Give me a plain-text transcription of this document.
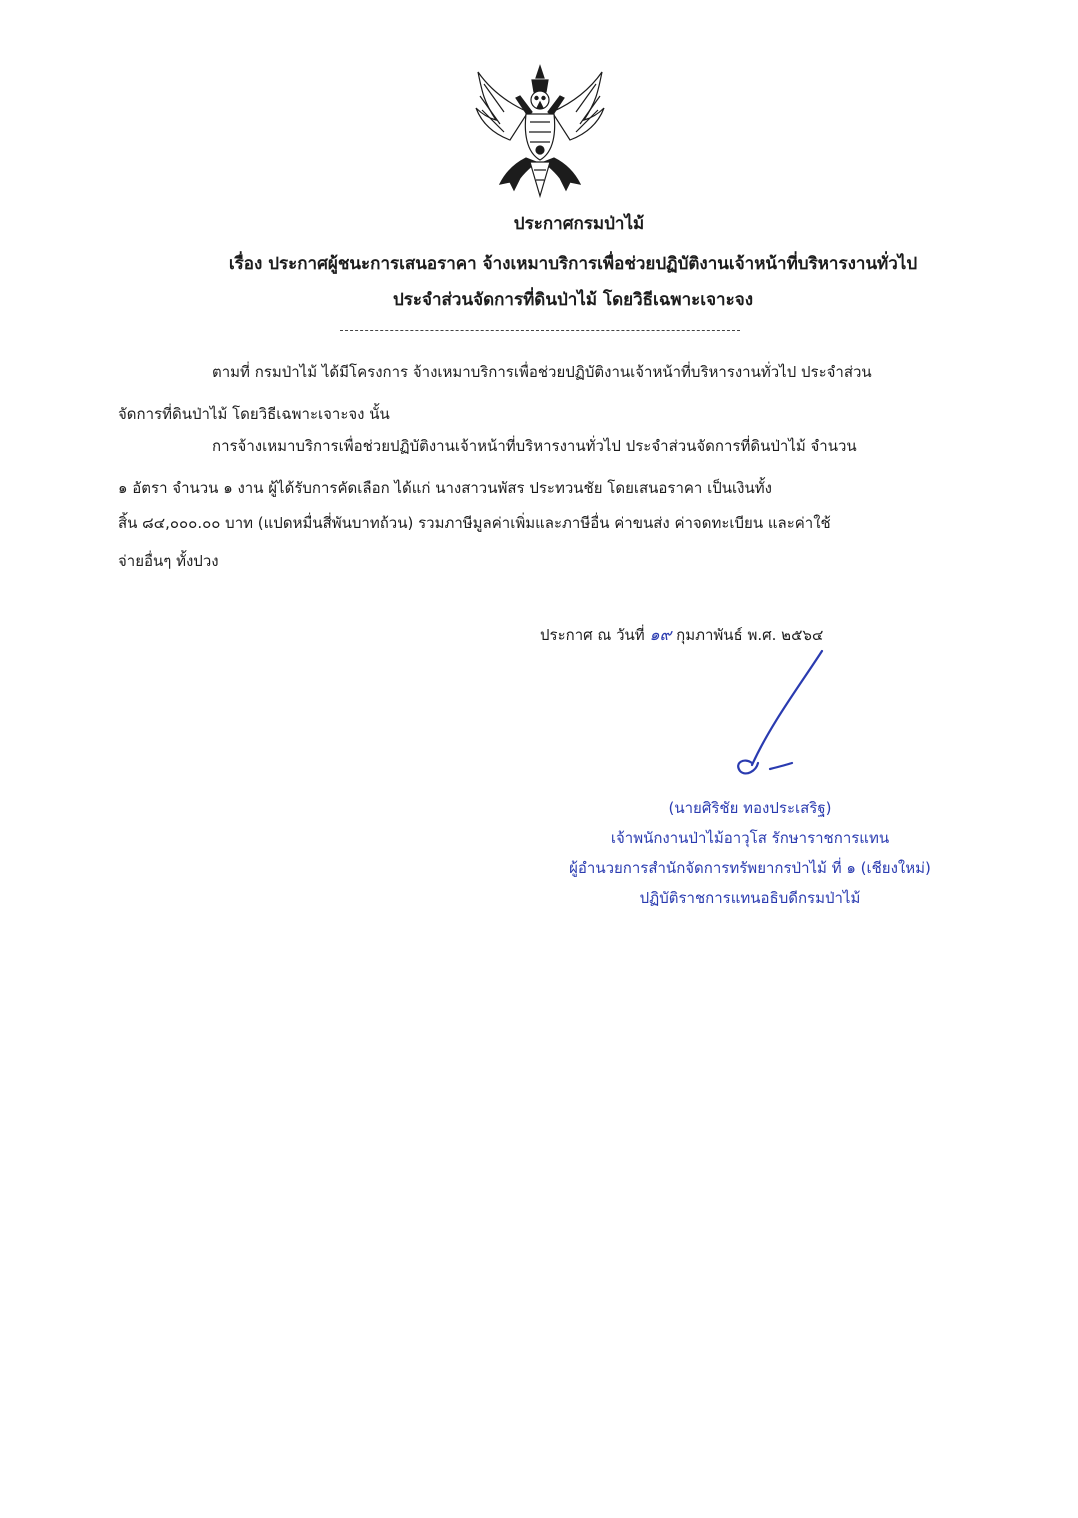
ประกาศกรมป่าไม้
เรื่อง ประกาศผู้ชนะการเสนอราคา จ้างเหมาบริการเพื่อช่วยปฏิบัติงานเจ้าหน้าที่บริหารงานทั่วไป
ประจำส่วนจัดการที่ดินป่าไม้ โดยวิธีเฉพาะเจาะจง
ตามที่ กรมป่าไม้ ได้มีโครงการ จ้างเหมาบริการเพื่อช่วยปฏิบัติงานเจ้าหน้าที่บริหารงานทั่วไป ประจำส่วน
จัดการที่ดินป่าไม้ โดยวิธีเฉพาะเจาะจง นั้น
การจ้างเหมาบริการเพื่อช่วยปฏิบัติงานเจ้าหน้าที่บริหารงานทั่วไป ประจำส่วนจัดการที่ดินป่าไม้ จำนวน
๑ อัตรา จำนวน ๑ งาน ผู้ได้รับการคัดเลือก ได้แก่ นางสาวนพัสร ประทวนชัย โดยเสนอราคา เป็นเงินทั้ง
สิ้น ๘๔,๐๐๐.๐๐ บาท (แปดหมื่นสี่พันบาทถ้วน) รวมภาษีมูลค่าเพิ่มและภาษีอื่น ค่าขนส่ง ค่าจดทะเบียน และค่าใช้
จ่ายอื่นๆ ทั้งปวง
ประกาศ ณ วันที่ ๑๙ กุมภาพันธ์ พ.ศ. ๒๕๖๔
(นายศิริชัย ทองประเสริฐ)
เจ้าพนักงานป่าไม้อาวุโส รักษาราชการแทน
ผู้อำนวยการสำนักจัดการทรัพยากรป่าไม้ ที่ ๑ (เชียงใหม่)
ปฏิบัติราชการแทนอธิบดีกรมป่าไม้
